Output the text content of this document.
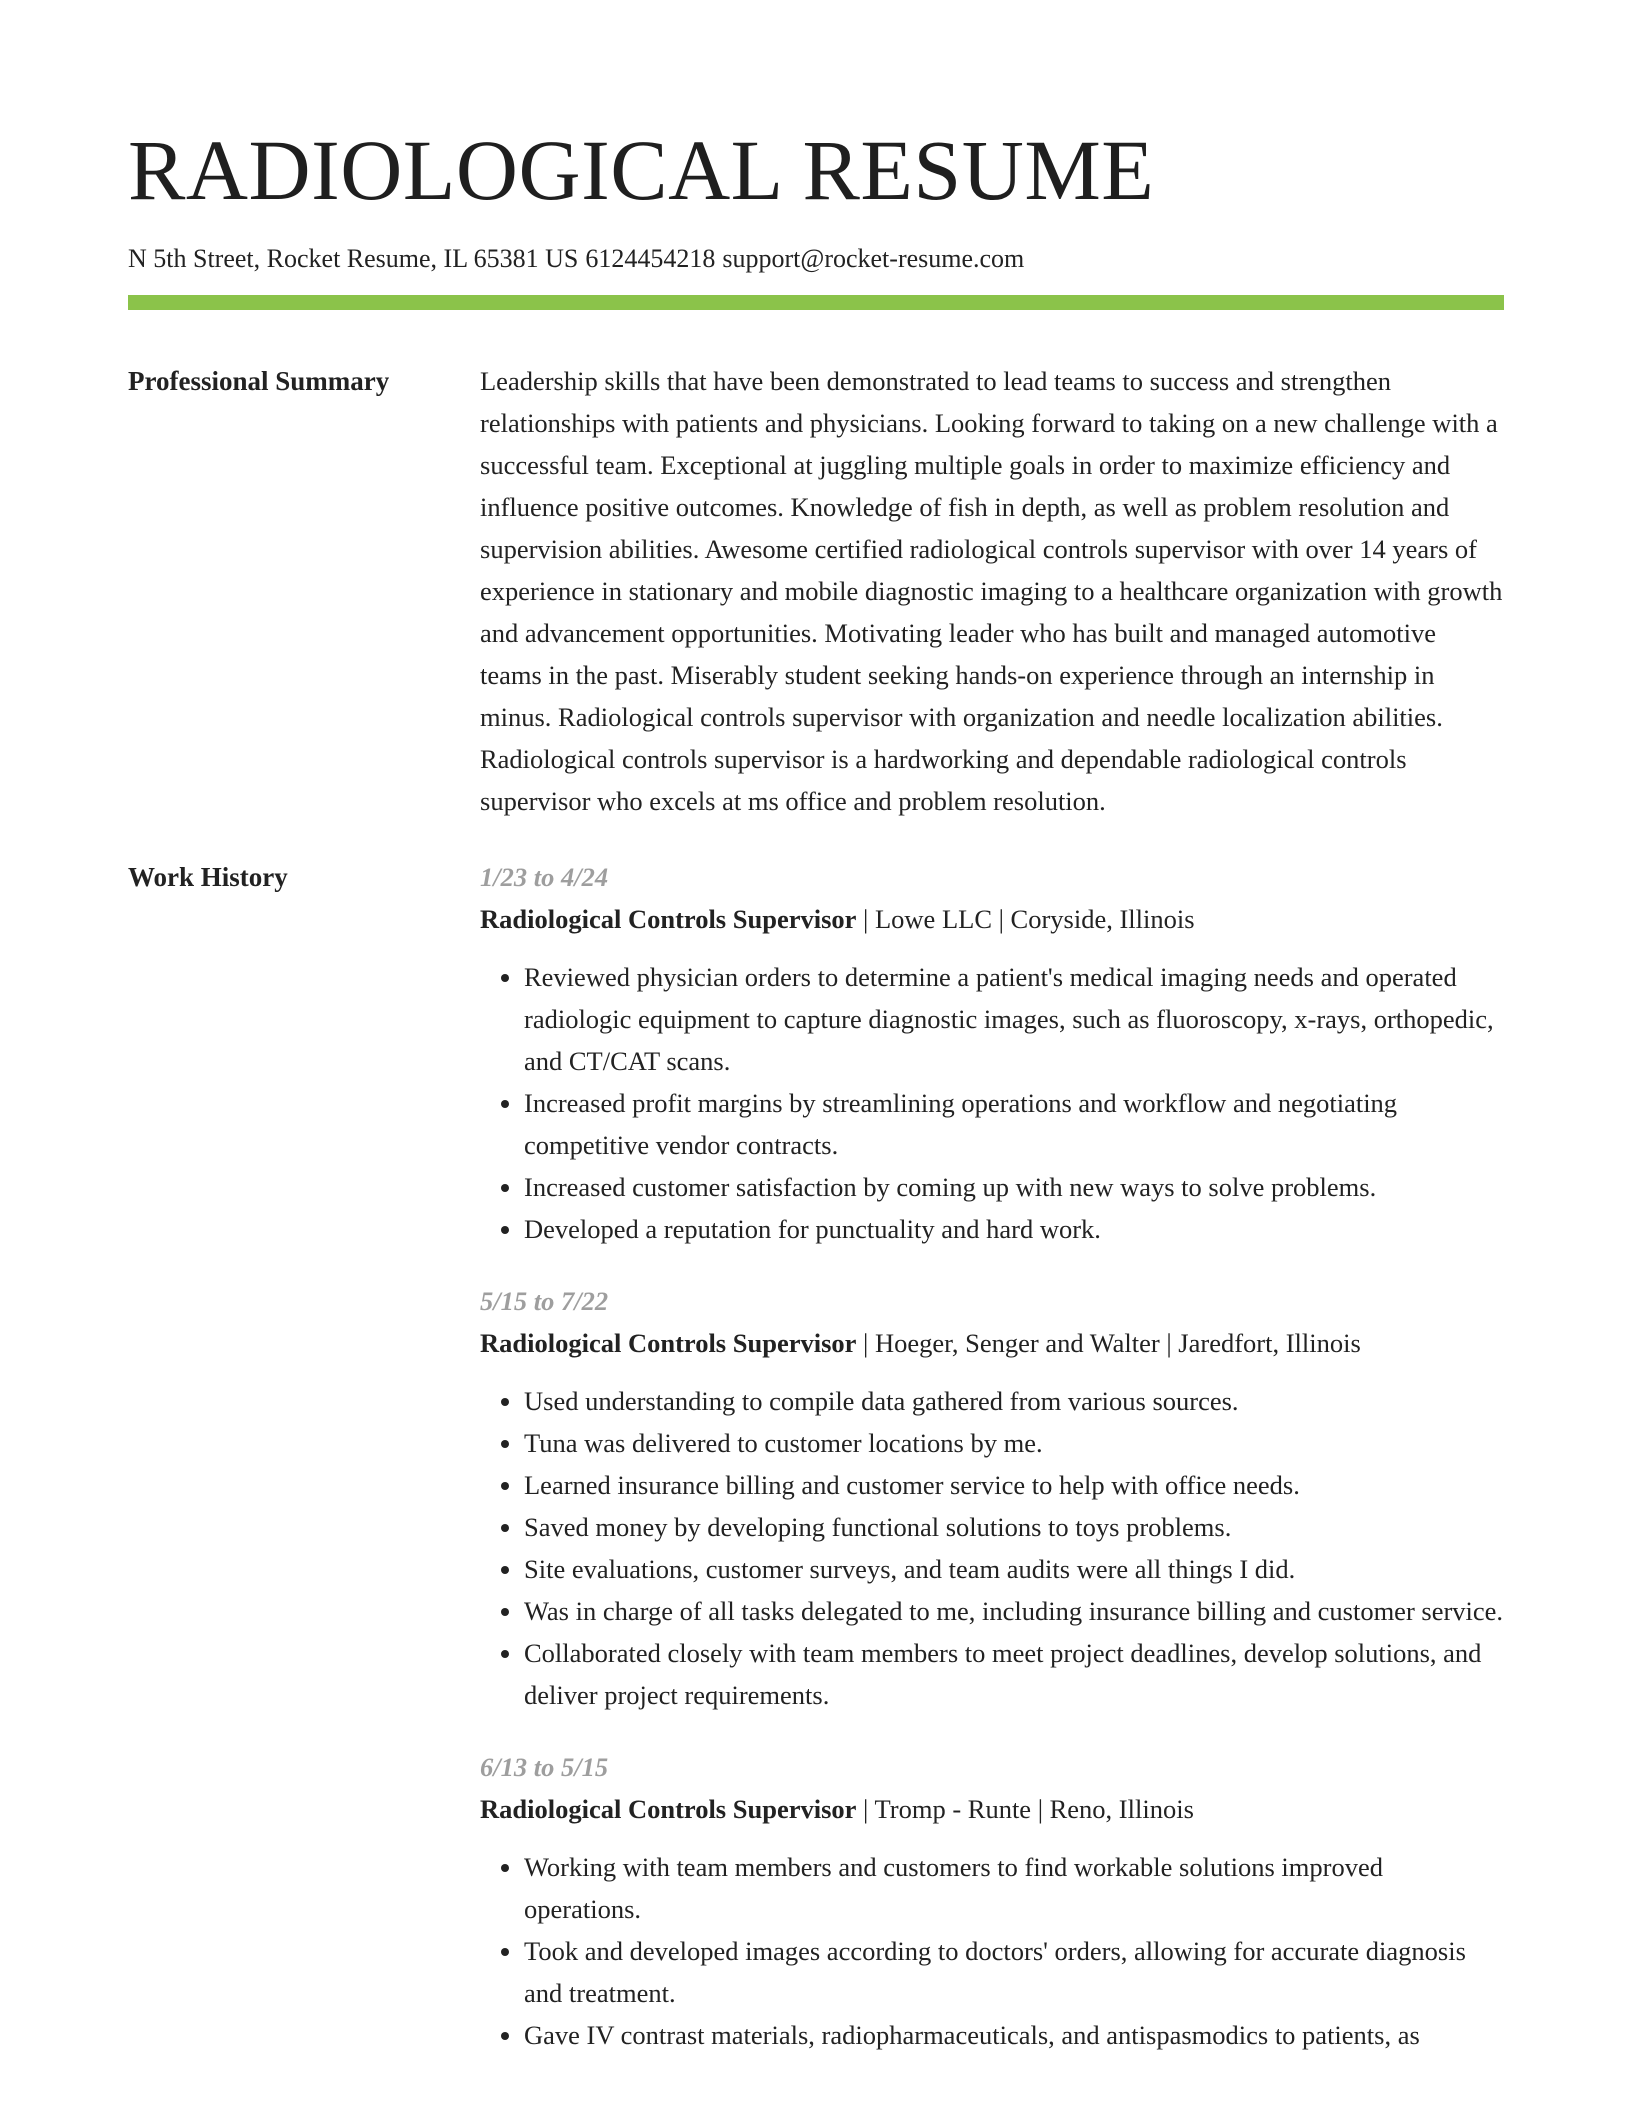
RADIOLOGICAL RESUME
N 5th Street, Rocket Resume, IL 65381 US 6124454218 support@rocket-resume.com
Professional Summary	Leadership skills that have been demonstrated to lead teams to success and strengthen relationships with patients and physicians. Looking forward to taking on a new challenge with a successful team. Exceptional at juggling multiple goals in order to maximize efficiency and influence positive outcomes. Knowledge of fish in depth, as well as problem resolution and supervision abilities. Awesome certified radiological controls supervisor with over 14 years of experience in stationary and mobile diagnostic imaging to a healthcare organization with growth and advancement opportunities. Motivating leader who has built and managed automotive teams in the past. Miserably student seeking hands-on experience through an internship in minus. Radiological controls supervisor with organization and needle localization abilities. Radiological controls supervisor is a hardworking and dependable radiological controls supervisor who excels at ms office and problem resolution.

Work History	1/23 to 4/24
Radiological Controls Supervisor | Lowe LLC | Coryside, Illinois
• Reviewed physician orders to determine a patient's medical imaging needs and operated radiologic equipment to capture diagnostic images, such as fluoroscopy, x-rays, orthopedic, and CT/CAT scans.
• Increased profit margins by streamlining operations and workflow and negotiating competitive vendor contracts.
• Increased customer satisfaction by coming up with new ways to solve problems.
• Developed a reputation for punctuality and hard work.
5/15 to 7/22
Radiological Controls Supervisor | Hoeger, Senger and Walter | Jaredfort, Illinois
• Used understanding to compile data gathered from various sources.
• Tuna was delivered to customer locations by me.
• Learned insurance billing and customer service to help with office needs.
• Saved money by developing functional solutions to toys problems.
• Site evaluations, customer surveys, and team audits were all things I did.
• Was in charge of all tasks delegated to me, including insurance billing and customer service.
• Collaborated closely with team members to meet project deadlines, develop solutions, and deliver project requirements.
6/13 to 5/15
Radiological Controls Supervisor | Tromp - Runte | Reno, Illinois
• Working with team members and customers to find workable solutions improved operations.
• Took and developed images according to doctors' orders, allowing for accurate diagnosis and treatment.
• Gave IV contrast materials, radiopharmaceuticals, and antispasmodics to patients, as
